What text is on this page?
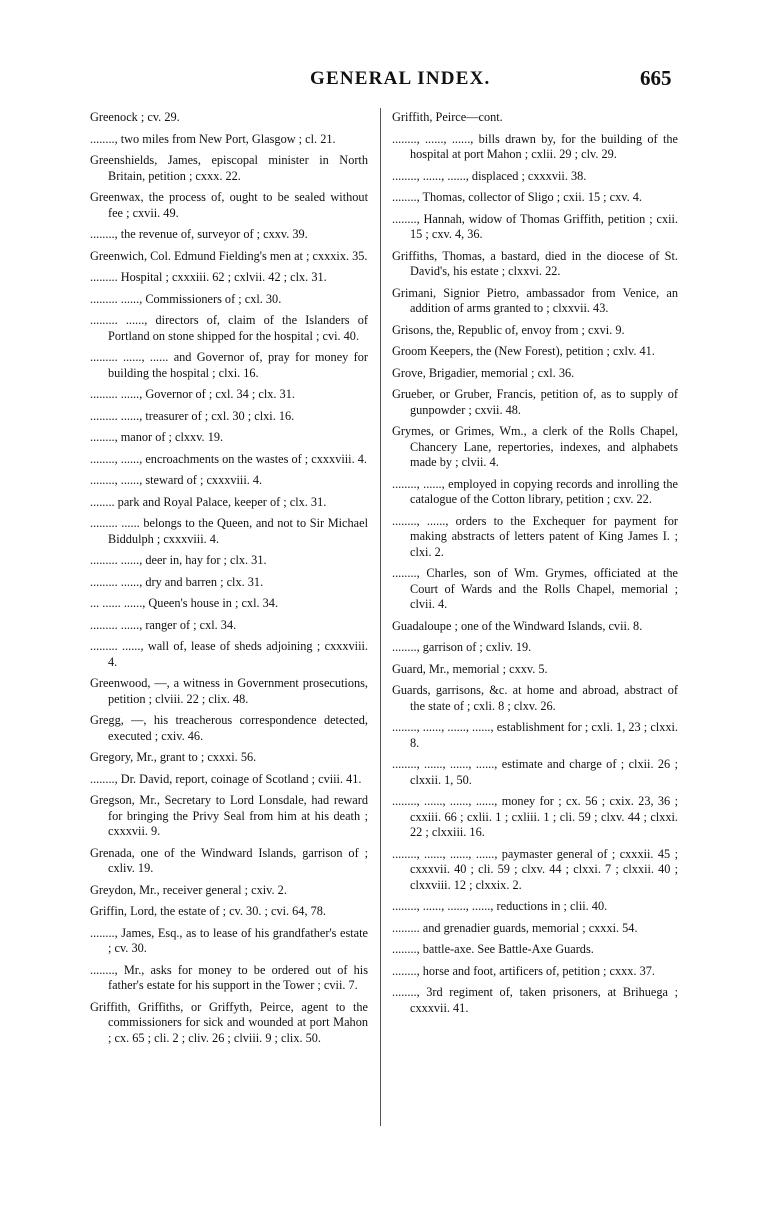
GENERAL INDEX.	665

Greenock ; cv. 29.

........, two miles from New Port, Glasgow ; cl. 21.

Greenshields, James, episcopal minister in North Britain, petition ; cxxx. 22.

Greenwax, the process of, ought to be sealed without fee ; cxvii. 49.

........, the revenue of, surveyor of ; cxxv. 39.

Greenwich, Col. Edmund Fielding's men at ; cxxxix. 35.

......... Hospital ; cxxxiii. 62 ; cxlvii. 42 ; clx. 31.

......... ......, Commissioners of ; cxl. 30.

......... ......, directors of, claim of the Islanders of Portland on stone shipped for the hospital ; cvi. 40.

......... ......, ...... and Governor of, pray for money for building the hospital ; clxi. 16.

......... ......, Governor of ; cxl. 34 ; clx. 31.

......... ......, treasurer of ; cxl. 30 ; clxi. 16.

........, manor of ; clxxv. 19.

........, ......, encroachments on the wastes of ; cxxxviii. 4.

........, ......, steward of ; cxxxviii. 4.

........ park and Royal Palace, keeper of ; clx. 31.

......... ...... belongs to the Queen, and not to Sir Michael Biddulph ; cxxxviii. 4.

......... ......, deer in, hay for ; clx. 31.

......... ......, dry and barren ; clx. 31.

... ...... ......, Queen's house in ; cxl. 34.

......... ......, ranger of ; cxl. 34.

......... ......, wall of, lease of sheds adjoining ; cxxxviii. 4.

Greenwood, —, a witness in Government prosecutions, petition ; clviii. 22 ; clix. 48.

Gregg, —, his treacherous correspondence detected, executed ; cxiv. 46.

Gregory, Mr., grant to ; cxxxi. 56.

........, Dr. David, report, coinage of Scotland ; cviii. 41.

Gregson, Mr., Secretary to Lord Lonsdale, had reward for bringing the Privy Seal from him at his death ; cxxxvii. 9.

Grenada, one of the Windward Islands, garrison of ; cxliv. 19.

Greydon, Mr., receiver general ; cxiv. 2.

Griffin, Lord, the estate of ; cv. 30. ; cvi. 64, 78.

........, James, Esq., as to lease of his grandfather's estate ; cv. 30.

........, Mr., asks for money to be ordered out of his father's estate for his support in the Tower ; cvii. 7.

Griffith, Griffiths, or Griffyth, Peirce, agent to the commissioners for sick and wounded at port Mahon ; cx. 65 ; cli. 2 ; cliv. 26 ; clviii. 9 ; clix. 50.

Griffith, Peirce—cont.

........, ......, ......, bills drawn by, for the building of the hospital at port Mahon ; cxlii. 29 ; clv. 29.

........, ......, ......, displaced ; cxxxvii. 38.

........, Thomas, collector of Sligo ; cxii. 15 ; cxv. 4.

........, Hannah, widow of Thomas Griffith, petition ; cxii. 15 ; cxv. 4, 36.

Griffiths, Thomas, a bastard, died in the diocese of St. David's, his estate ; clxxvi. 22.

Grimani, Signior Pietro, ambassador from Venice, an addition of arms granted to ; clxxvii. 43.

Grisons, the, Republic of, envoy from ; cxvi. 9.

Groom Keepers, the (New Forest), petition ; cxlv. 41.

Grove, Brigadier, memorial ; cxl. 36.

Grueber, or Gruber, Francis, petition of, as to supply of gunpowder ; cxvii. 48.

Grymes, or Grimes, Wm., a clerk of the Rolls Chapel, Chancery Lane, repertories, indexes, and alphabets made by ; clvii. 4.

........, ......, employed in copying records and inrolling the catalogue of the Cotton library, petition ; cxv. 22.

........, ......, orders to the Exchequer for payment for making abstracts of letters patent of King James I. ; clxi. 2.

........, Charles, son of Wm. Grymes, officiated at the Court of Wards and the Rolls Chapel, memorial ; clvii. 4.

Guadaloupe ; one of the Windward Islands, cvii. 8.

........, garrison of ; cxliv. 19.

Guard, Mr., memorial ; cxxv. 5.

Guards, garrisons, &c. at home and abroad, abstract of the state of ; cxli. 8 ; clxv. 26.

........, ......, ......, ......, establishment for ; cxli. 1, 23 ; clxxi. 8.

........, ......, ......, ......, estimate and charge of ; clxii. 26 ; clxxii. 1, 50.

........, ......, ......, ......, money for ; cx. 56 ; cxix. 23, 36 ; cxxiii. 66 ; cxlii. 1 ; cxliii. 1 ; cli. 59 ; clxv. 44 ; clxxi. 22 ; clxxiii. 16.

........, ......, ......, ......, paymaster general of ; cxxxii. 45 ; cxxxvii. 40 ; cli. 59 ; clxv. 44 ; clxxi. 7 ; clxxii. 40 ; clxxviii. 12 ; clxxix. 2.

........, ......, ......, ......, reductions in ; clii. 40.

......... and grenadier guards, memorial ; cxxxi. 54.

........, battle-axe. See Battle-Axe Guards.

........, horse and foot, artificers of, petition ; cxxx. 37.

........, 3rd regiment of, taken prisoners, at Brihuega ; cxxxvii. 41.
